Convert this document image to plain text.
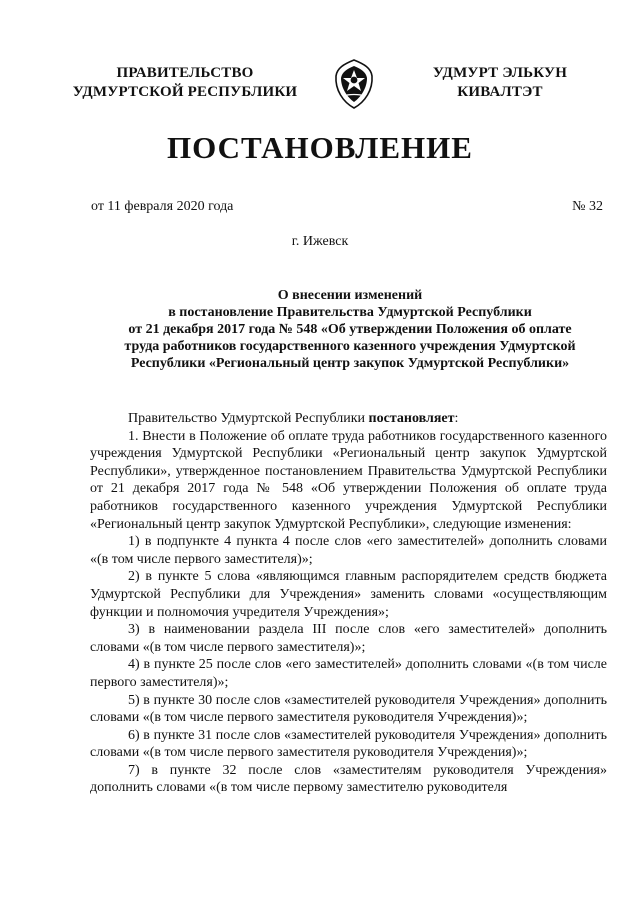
ПРАВИТЕЛЬСТВО
УДМУРТСКОЙ РЕСПУБЛИКИ
УДМУРТ ЭЛЬКУН
КИВАЛТЭТ
ПОСТАНОВЛЕНИЕ
от 11 февраля 2020 года	№ 32
г. Ижевск
О внесении изменений
в постановление Правительства Удмуртской Республики
от 21 декабря 2017 года № 548 «Об утверждении Положения об оплате
труда работников государственного казенного учреждения Удмуртской
Республики «Региональный центр закупок Удмуртской Республики»

Правительство Удмуртской Республики постановляет:

1. Внести в Положение об оплате труда работников государственного казенного учреждения Удмуртской Республики «Региональный центр закупок Удмуртской Республики», утвержденное постановлением Правительства Удмуртской Республики от 21 декабря 2017 года № 548 «Об утверждении Положения об оплате труда работников государственного казенного учреждения Удмуртской Республики «Региональный центр закупок Удмуртской Республики», следующие изменения:

1) в подпункте 4 пункта 4 после слов «его заместителей» дополнить словами «(в том числе первого заместителя)»;

2) в пункте 5 слова «являющимся главным распорядителем средств бюджета Удмуртской Республики для Учреждения» заменить словами «осуществляющим функции и полномочия учредителя Учреждения»;

3) в наименовании раздела III после слов «его заместителей» дополнить словами «(в том числе первого заместителя)»;

4) в пункте 25 после слов «его заместителей» дополнить словами «(в том числе первого заместителя)»;

5) в пункте 30 после слов «заместителей руководителя Учреждения» дополнить словами «(в том числе первого заместителя руководителя Учреждения)»;

6) в пункте 31 после слов «заместителей руководителя Учреждения» дополнить словами «(в том числе первого заместителя руководителя Учреждения)»;

7) в пункте 32 после слов «заместителям руководителя Учреждения» дополнить словами «(в том числе первому заместителю руководителя
